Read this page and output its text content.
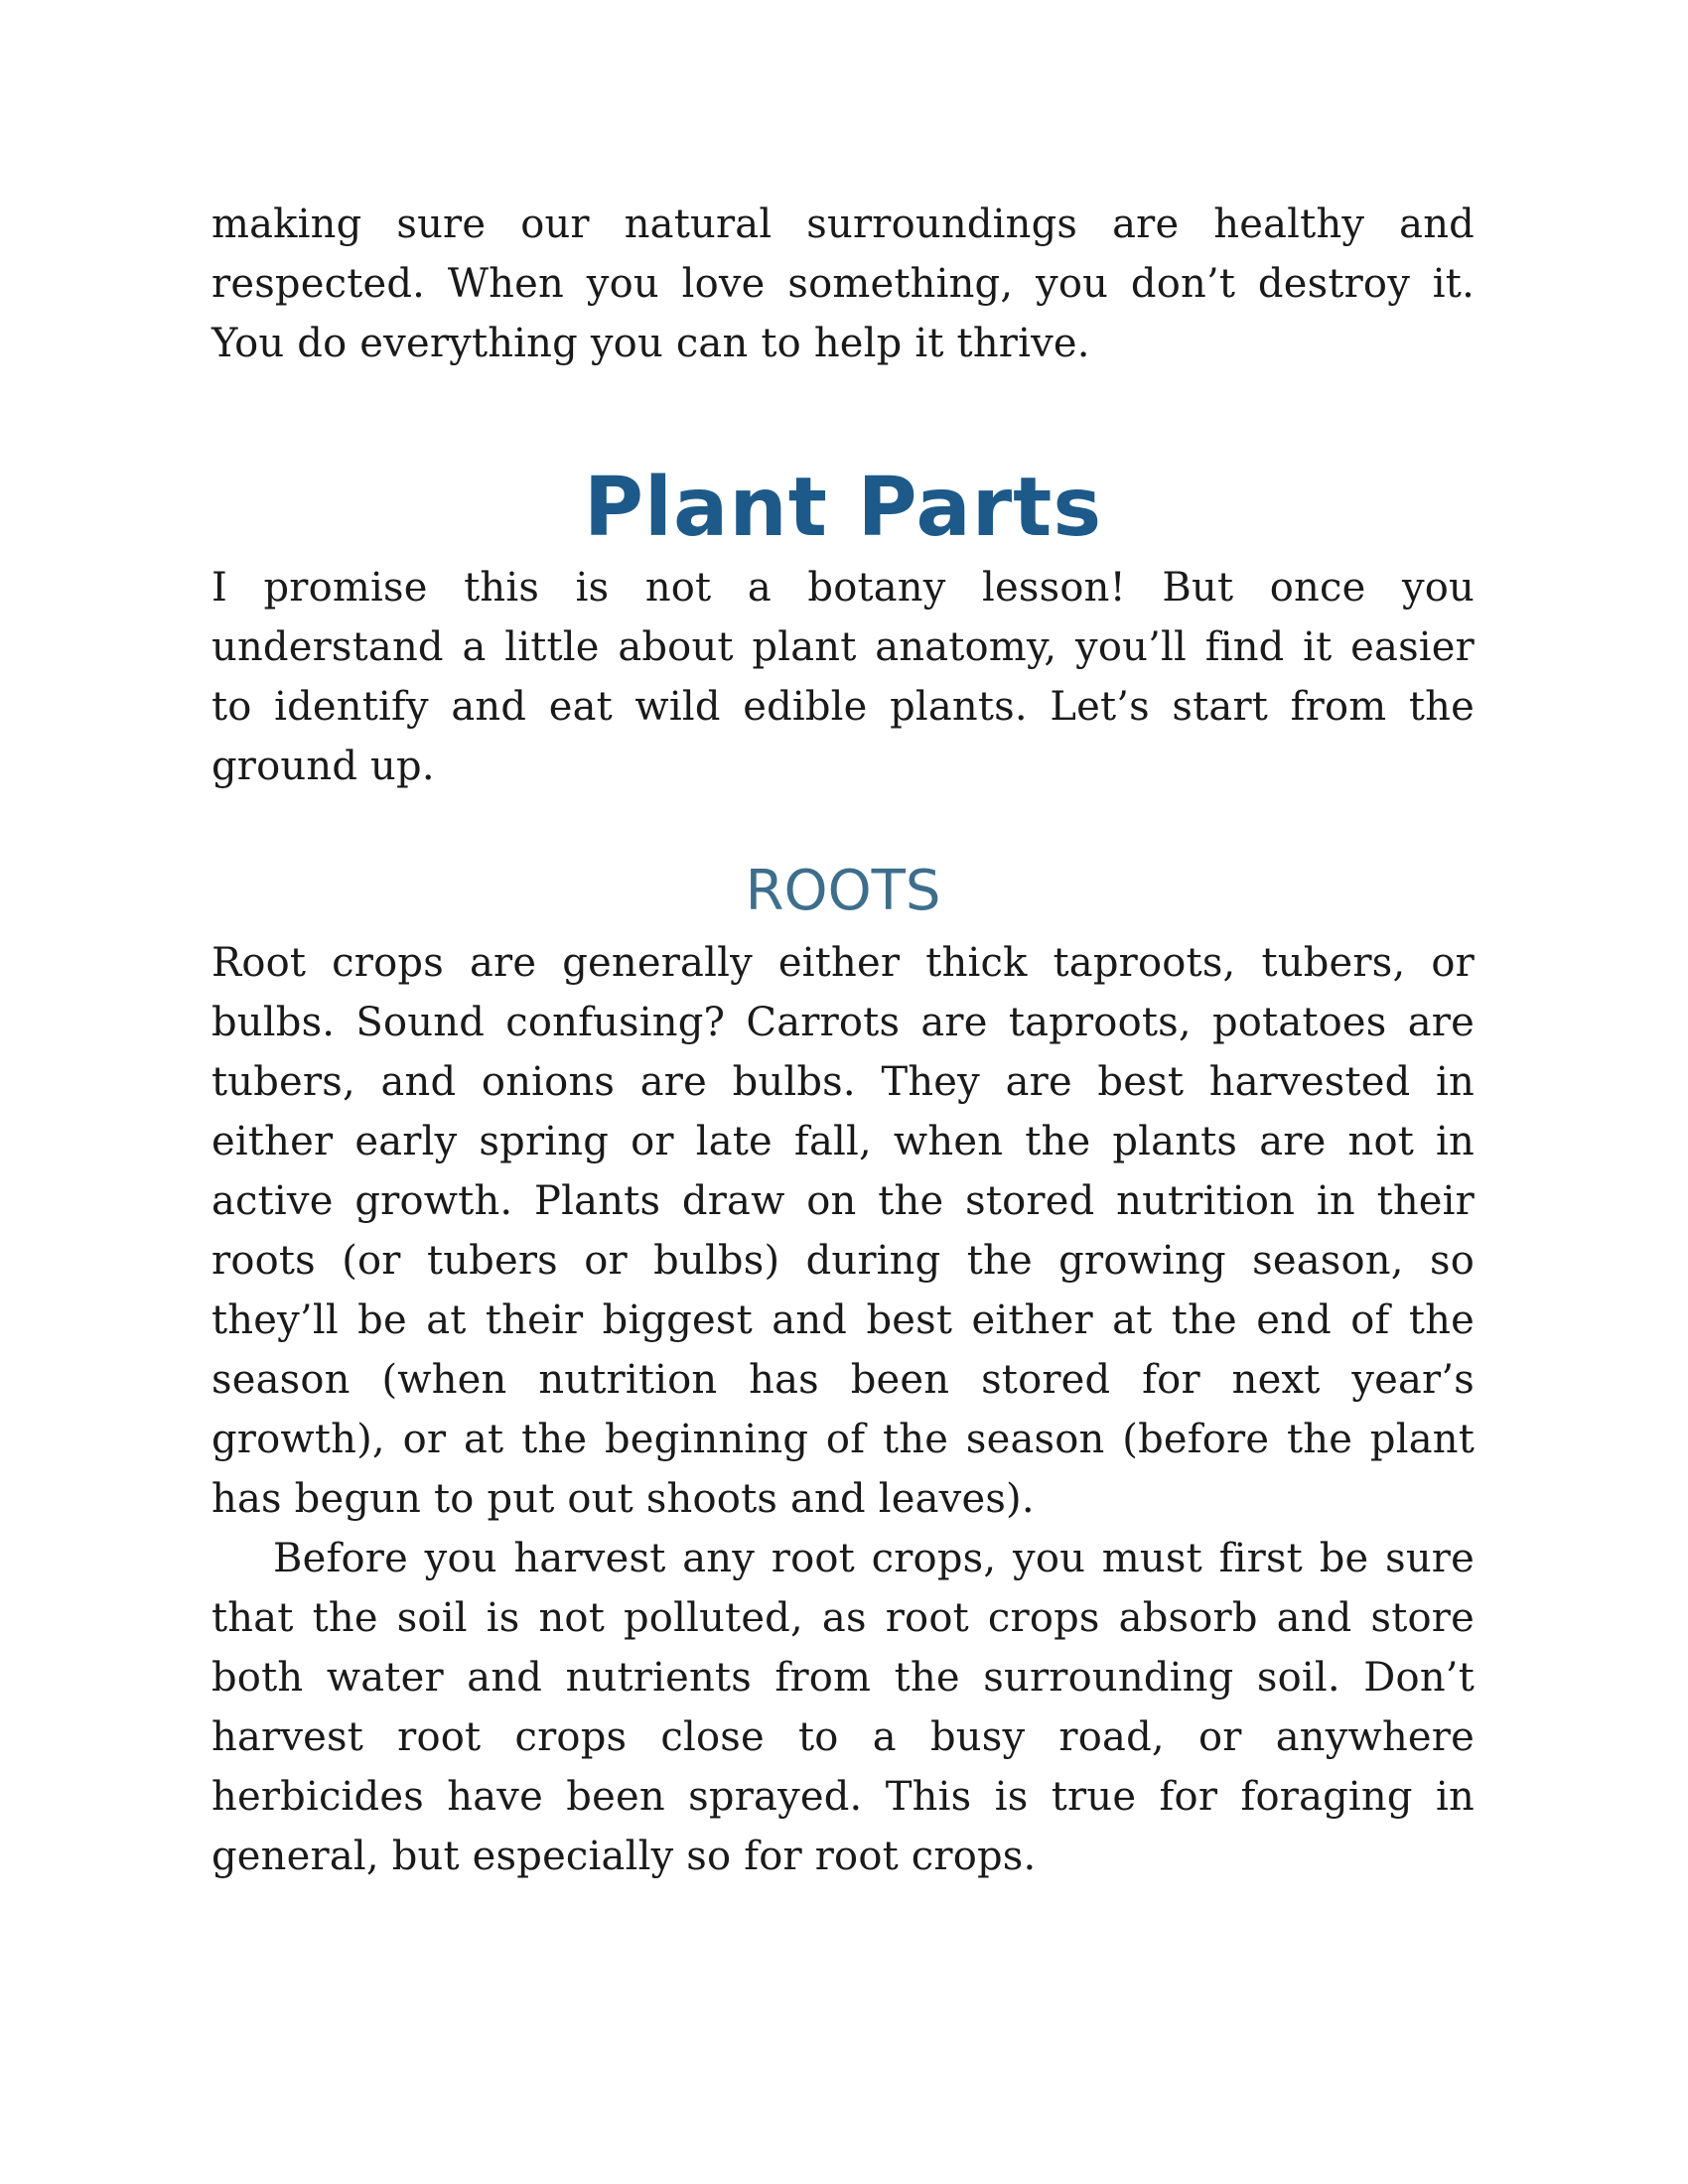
making sure our natural surroundings are healthy and respected. When you love something, you don’t destroy it. You do everything you can to help it thrive.

Plant Parts

I promise this is not a botany lesson! But once you understand a little about plant anatomy, you’ll find it easier to identify and eat wild edible plants. Let’s start from the ground up.

ROOTS

Root crops are generally either thick taproots, tubers, or bulbs. Sound confusing? Carrots are taproots, potatoes are tubers, and onions are bulbs. They are best harvested in either early spring or late fall, when the plants are not in active growth. Plants draw on the stored nutrition in their roots (or tubers or bulbs) during the growing season, so they’ll be at their biggest and best either at the end of the season (when nutrition has been stored for next year’s growth), or at the beginning of the season (before the plant has begun to put out shoots and leaves).

Before you harvest any root crops, you must first be sure that the soil is not polluted, as root crops absorb and store both water and nutrients from the surrounding soil. Don’t harvest root crops close to a busy road, or anywhere herbicides have been sprayed. This is true for foraging in general, but especially so for root crops.
